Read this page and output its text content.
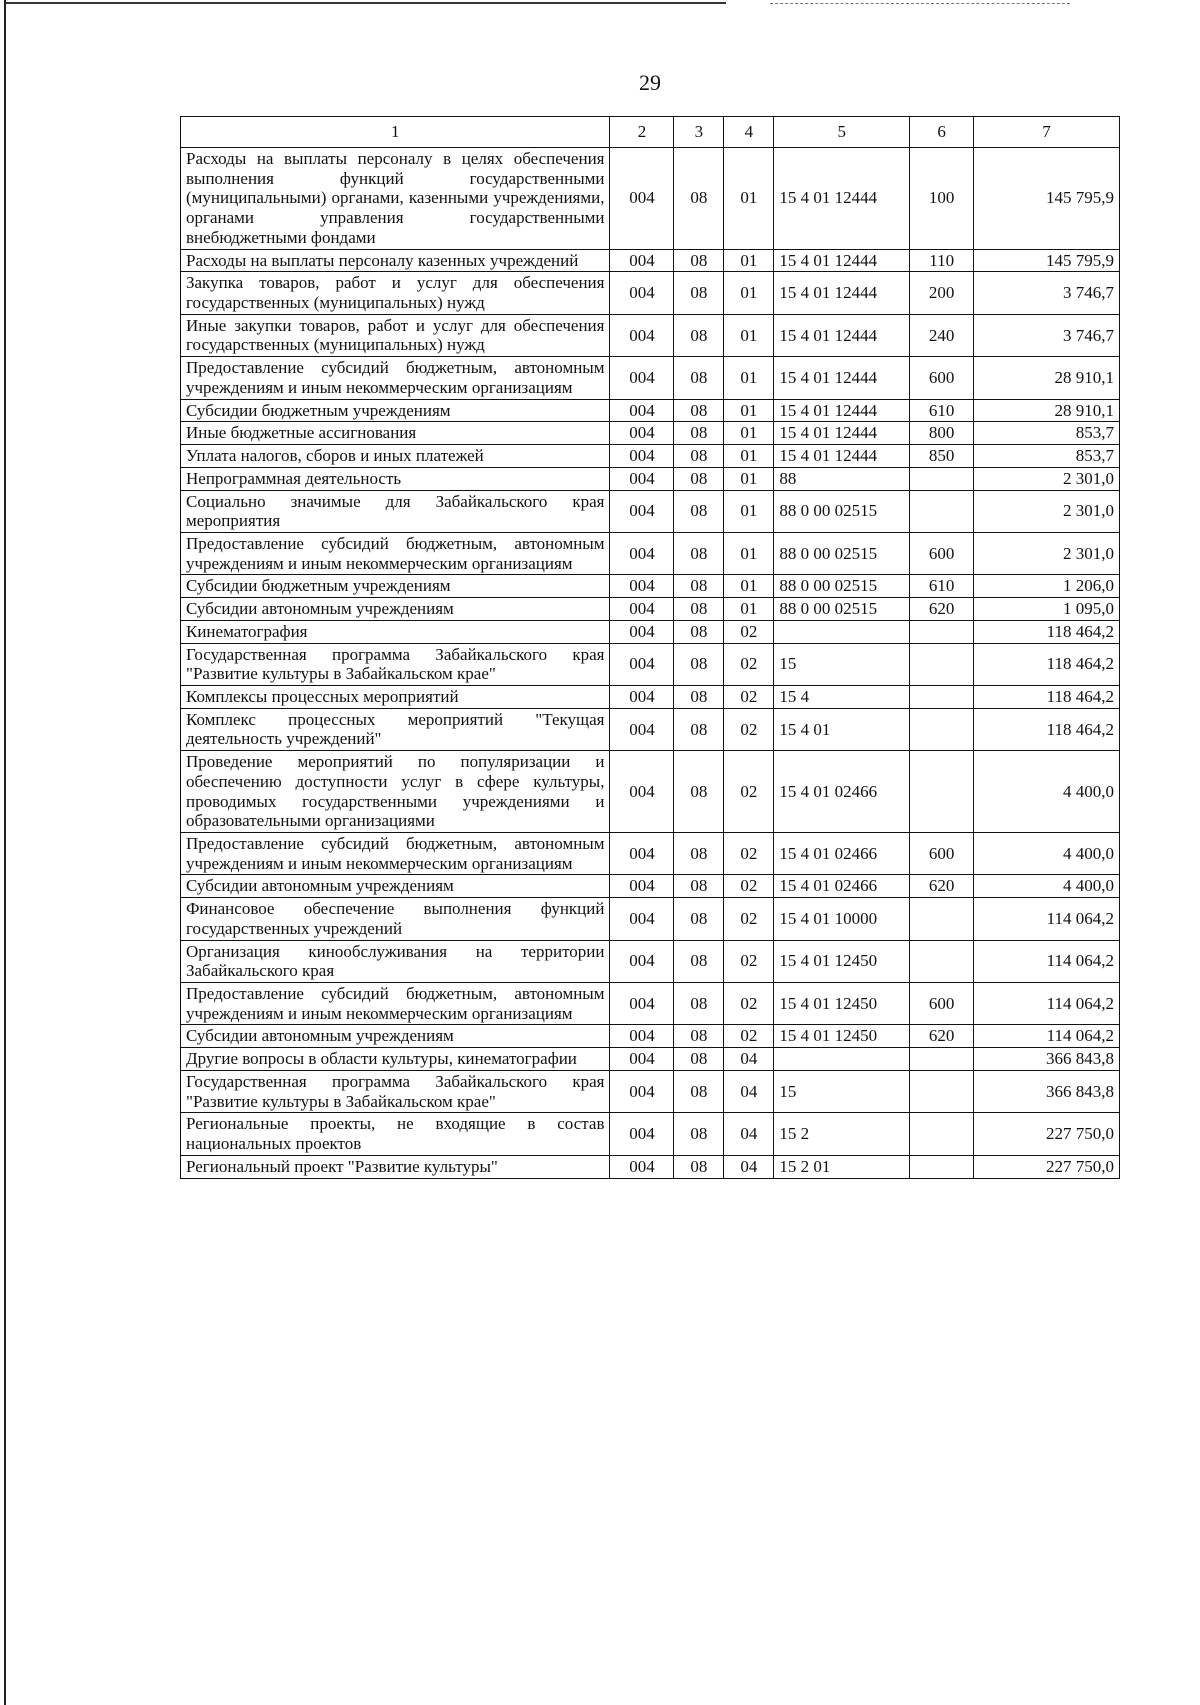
29
1	2	3	4	5	6	7
Расходы на выплаты персоналу в целях обеспечения выполнения функций государственными (муниципальными) органами, казенными учреждениями, органами управления государственными внебюджетными фондами	004	08	01	15 4 01 12444	100	145 795,9
Расходы на выплаты персоналу казенных учреждений	004	08	01	15 4 01 12444	110	145 795,9
Закупка товаров, работ и услуг для обеспечения государственных (муниципальных) нужд	004	08	01	15 4 01 12444	200	3 746,7
Иные закупки товаров, работ и услуг для обеспечения государственных (муниципальных) нужд	004	08	01	15 4 01 12444	240	3 746,7
Предоставление субсидий бюджетным, автономным учреждениям и иным некоммерческим организациям	004	08	01	15 4 01 12444	600	28 910,1
Субсидии бюджетным учреждениям	004	08	01	15 4 01 12444	610	28 910,1
Иные бюджетные ассигнования	004	08	01	15 4 01 12444	800	853,7
Уплата налогов, сборов и иных платежей	004	08	01	15 4 01 12444	850	853,7
Непрограммная деятельность	004	08	01	88		2 301,0
Социально значимые для Забайкальского края мероприятия	004	08	01	88 0 00 02515		2 301,0
Предоставление субсидий бюджетным, автономным учреждениям и иным некоммерческим организациям	004	08	01	88 0 00 02515	600	2 301,0
Субсидии бюджетным учреждениям	004	08	01	88 0 00 02515	610	1 206,0
Субсидии автономным учреждениям	004	08	01	88 0 00 02515	620	1 095,0
Кинематография	004	08	02			118 464,2
Государственная программа Забайкальского края "Развитие культуры в Забайкальском крае"	004	08	02	15		118 464,2
Комплексы процессных мероприятий	004	08	02	15 4		118 464,2
Комплекс процессных мероприятий "Текущая деятельность учреждений"	004	08	02	15 4 01		118 464,2
Проведение мероприятий по популяризации и обеспечению доступности услуг в сфере культуры, проводимых государственными учреждениями и образовательными организациями	004	08	02	15 4 01 02466		4 400,0
Предоставление субсидий бюджетным, автономным учреждениям и иным некоммерческим организациям	004	08	02	15 4 01 02466	600	4 400,0
Субсидии автономным учреждениям	004	08	02	15 4 01 02466	620	4 400,0
Финансовое обеспечение выполнения функций государственных учреждений	004	08	02	15 4 01 10000		114 064,2
Организация кинообслуживания на территории Забайкальского края	004	08	02	15 4 01 12450		114 064,2
Предоставление субсидий бюджетным, автономным учреждениям и иным некоммерческим организациям	004	08	02	15 4 01 12450	600	114 064,2
Субсидии автономным учреждениям	004	08	02	15 4 01 12450	620	114 064,2
Другие вопросы в области культуры, кинематографии	004	08	04			366 843,8
Государственная программа Забайкальского края "Развитие культуры в Забайкальском крае"	004	08	04	15		366 843,8
Региональные проекты, не входящие в состав национальных проектов	004	08	04	15 2		227 750,0
Региональный проект "Развитие культуры"	004	08	04	15 2 01		227 750,0
